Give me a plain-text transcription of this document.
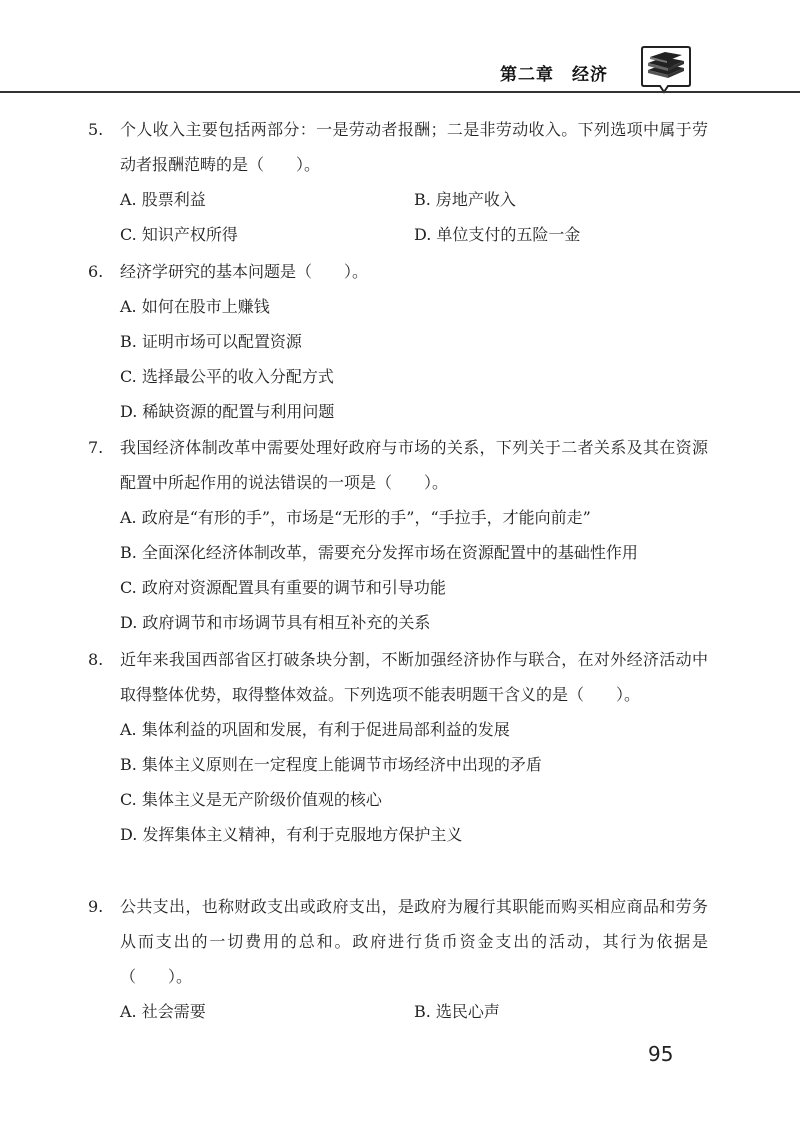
第二章 经济
5.	个人收入主要包括两部分：一是劳动者报酬；二是非劳动收入。下列选项中属于劳动者报酬范畴的是（　　）。
A. 股票利益	B. 房地产收入
C. 知识产权所得	D. 单位支付的五险一金
6.	经济学研究的基本问题是（　　）。
A. 如何在股市上赚钱
B. 证明市场可以配置资源
C. 选择最公平的收入分配方式
D. 稀缺资源的配置与利用问题
7.	我国经济体制改革中需要处理好政府与市场的关系，下列关于二者关系及其在资源配置中所起作用的说法错误的一项是（　　）。
A. 政府是“有形的手”，市场是“无形的手”，“手拉手，才能向前走”
B. 全面深化经济体制改革，需要充分发挥市场在资源配置中的基础性作用
C. 政府对资源配置具有重要的调节和引导功能
D. 政府调节和市场调节具有相互补充的关系
8.	近年来我国西部省区打破条块分割，不断加强经济协作与联合，在对外经济活动中取得整体优势，取得整体效益。下列选项不能表明题干含义的是（　　）。
A. 集体利益的巩固和发展，有利于促进局部利益的发展
B. 集体主义原则在一定程度上能调节市场经济中出现的矛盾
C. 集体主义是无产阶级价值观的核心
D. 发挥集体主义精神，有利于克服地方保护主义
9.	公共支出，也称财政支出或政府支出，是政府为履行其职能而购买相应商品和劳务从而支出的一切费用的总和。政府进行货币资金支出的活动，其行为依据是（　　）。
A. 社会需要	B. 选民心声
95
